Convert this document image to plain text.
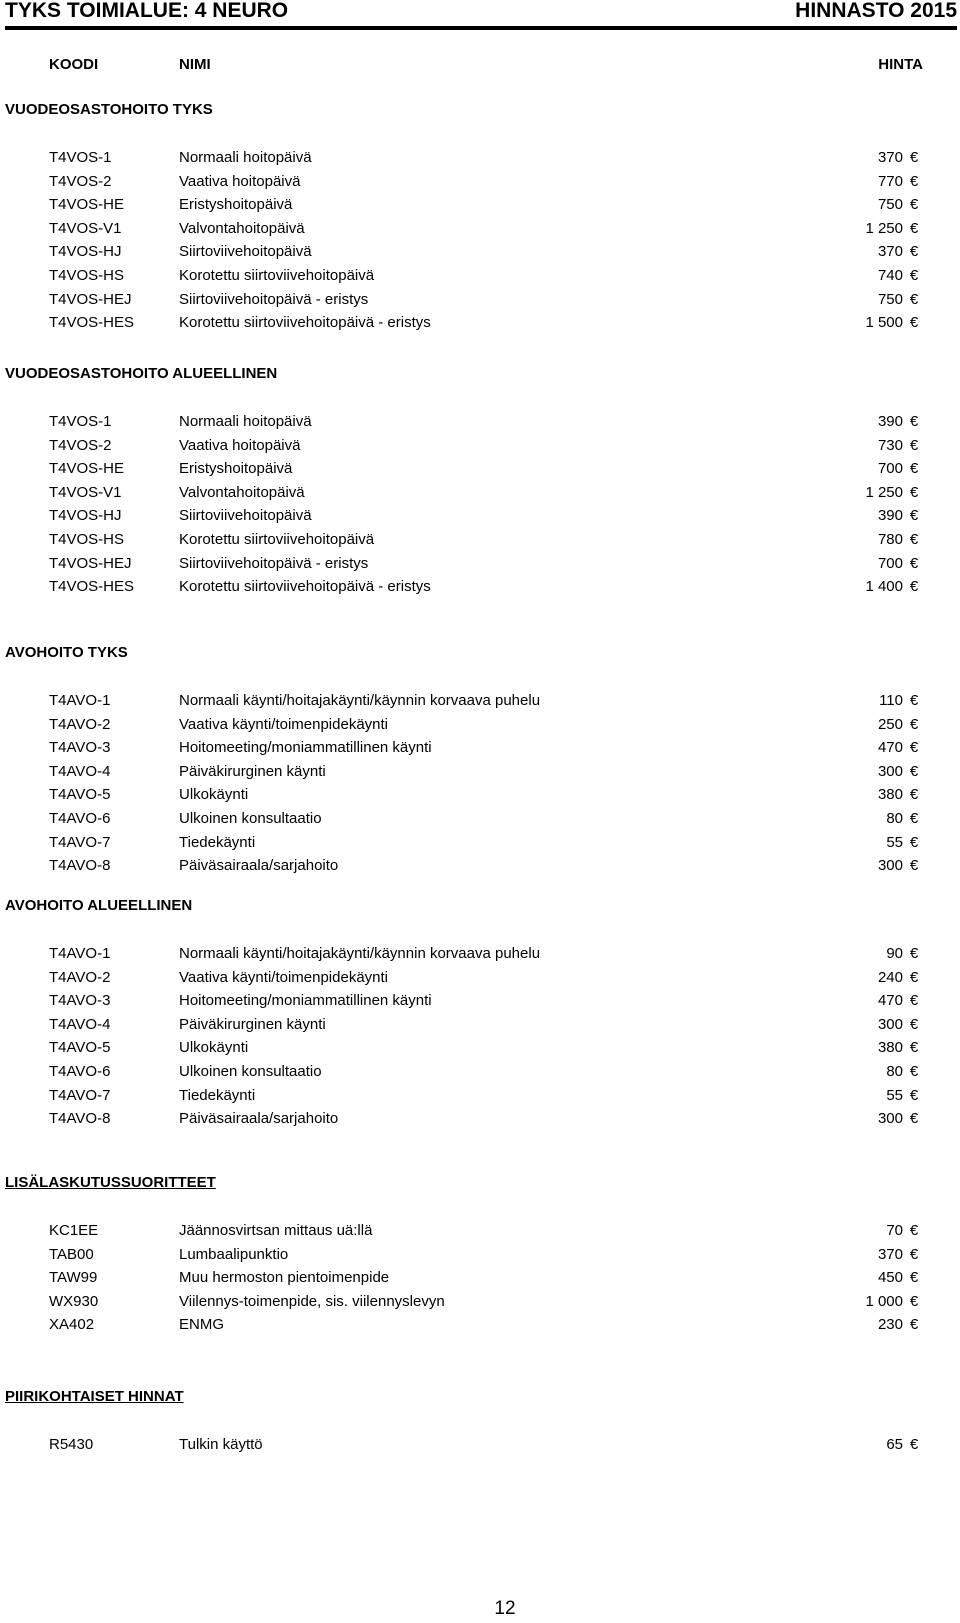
TYKS TOIMIALUE: 4 NEURO	HINNASTO 2015
KOODI	NIMI	HINTA
VUODEOSASTOHOITO TYKS
T4VOS-1	Normaali hoitopäivä	370 €
T4VOS-2	Vaativa hoitopäivä	770 €
T4VOS-HE	Eristyshoitopäivä	750 €
T4VOS-V1	Valvontahoitopäivä	1 250 €
T4VOS-HJ	Siirtoviivehoitopäivä	370 €
T4VOS-HS	Korotettu siirtoviivehoitopäivä	740 €
T4VOS-HEJ	Siirtoviivehoitopäivä - eristys	750 €
T4VOS-HES	Korotettu siirtoviivehoitopäivä - eristys	1 500 €
VUODEOSASTOHOITO ALUEELLINEN
T4VOS-1	Normaali hoitopäivä	390 €
T4VOS-2	Vaativa hoitopäivä	730 €
T4VOS-HE	Eristyshoitopäivä	700 €
T4VOS-V1	Valvontahoitopäivä	1 250 €
T4VOS-HJ	Siirtoviivehoitopäivä	390 €
T4VOS-HS	Korotettu siirtoviivehoitopäivä	780 €
T4VOS-HEJ	Siirtoviivehoitopäivä - eristys	700 €
T4VOS-HES	Korotettu siirtoviivehoitopäivä - eristys	1 400 €
AVOHOITO TYKS
T4AVO-1	Normaali käynti/hoitajakäynti/käynnin korvaava puhelu	110 €
T4AVO-2	Vaativa käynti/toimenpidekäynti	250 €
T4AVO-3	Hoitomeeting/moniammatillinen käynti	470 €
T4AVO-4	Päiväkirurginen käynti	300 €
T4AVO-5	Ulkokäynti	380 €
T4AVO-6	Ulkoinen konsultaatio	80 €
T4AVO-7	Tiedekäynti	55 €
T4AVO-8	Päiväsairaala/sarjahoito	300 €
AVOHOITO ALUEELLINEN
T4AVO-1	Normaali käynti/hoitajakäynti/käynnin korvaava puhelu	90 €
T4AVO-2	Vaativa käynti/toimenpidekäynti	240 €
T4AVO-3	Hoitomeeting/moniammatillinen käynti	470 €
T4AVO-4	Päiväkirurginen käynti	300 €
T4AVO-5	Ulkokäynti	380 €
T4AVO-6	Ulkoinen konsultaatio	80 €
T4AVO-7	Tiedekäynti	55 €
T4AVO-8	Päiväsairaala/sarjahoito	300 €
LISÄLASKUTUSSUORITTEET
KC1EE	Jäännosvirtsan mittaus uä:llä	70 €
TAB00	Lumbaalipunktio	370 €
TAW99	Muu hermoston pientoimenpide	450 €
WX930	Viilennys-toimenpide, sis. viilennyslevyn	1 000 €
XA402	ENMG	230 €
PIIRIKOHTAISET HINNAT
R5430	Tulkin käyttö	65 €
12
